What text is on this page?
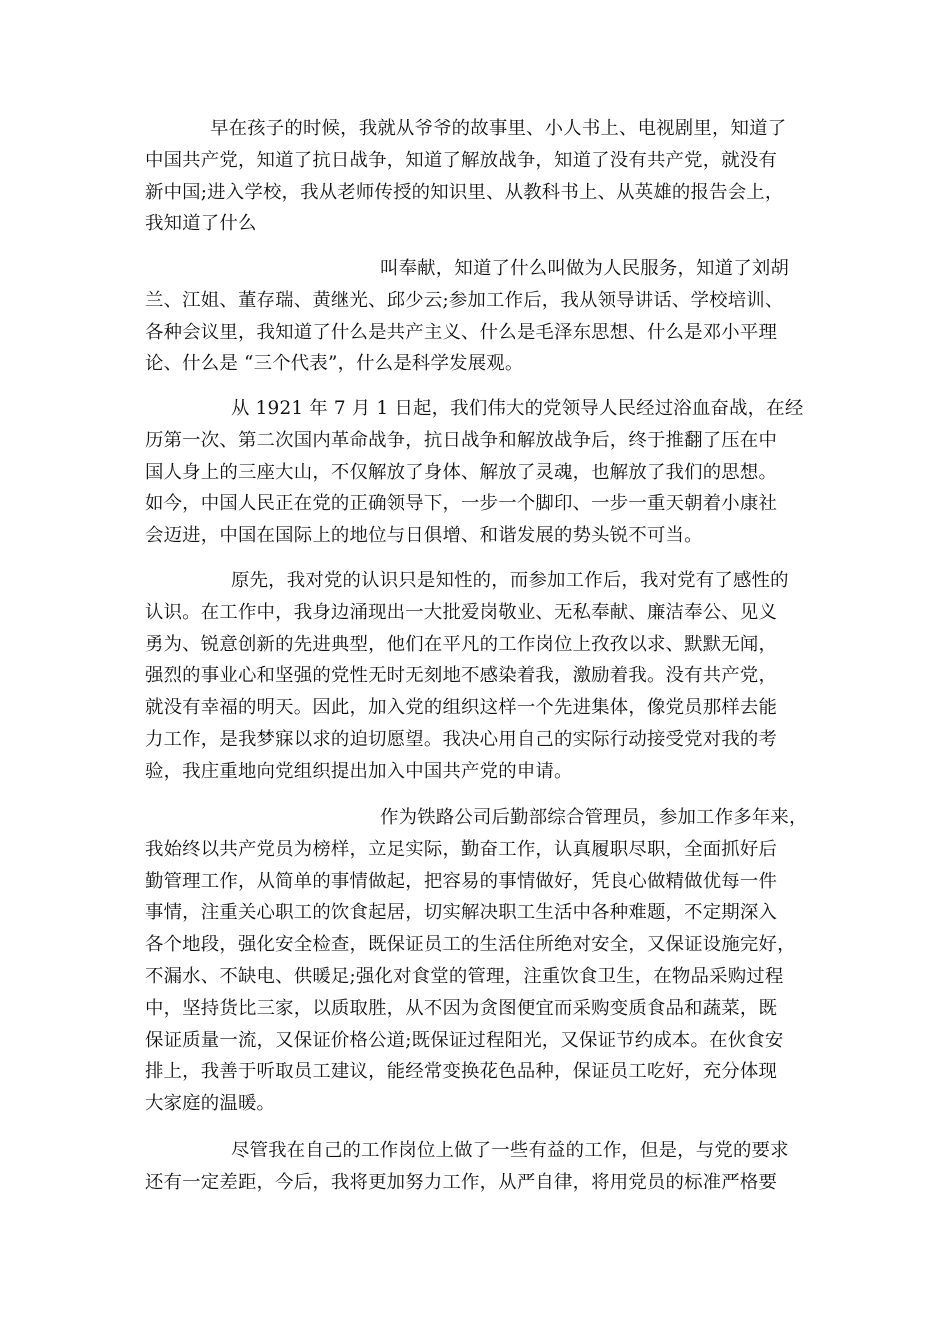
早在孩子的时候，我就从爷爷的故事里、小人书上、电视剧里，知道了
中国共产党，知道了抗日战争，知道了解放战争，知道了没有共产党，就没有
新中国;进入学校，我从老师传授的知识里、从教科书上、从英雄的报告会上，
我知道了什么
叫奉献，知道了什么叫做为人民服务，知道了刘胡
兰、江姐、董存瑞、黄继光、邱少云;参加工作后，我从领导讲话、学校培训、
各种会议里，我知道了什么是共产主义、什么是毛泽东思想、什么是邓小平理
论、什么是 “三个代表”，什么是科学发展观。
从 1921 年 7 月 1 日起，我们伟大的党领导人民经过浴血奋战，在经
历第一次、第二次国内革命战争，抗日战争和解放战争后，终于推翻了压在中
国人身上的三座大山，不仅解放了身体、解放了灵魂，也解放了我们的思想。
如今，中国人民正在党的正确领导下，一步一个脚印、一步一重天朝着小康社
会迈进，中国在国际上的地位与日俱增、和谐发展的势头锐不可当。
原先，我对党的认识只是知性的，而参加工作后，我对党有了感性的
认识。在工作中，我身边涌现出一大批爱岗敬业、无私奉献、廉洁奉公、见义
勇为、锐意创新的先进典型，他们在平凡的工作岗位上孜孜以求、默默无闻，
强烈的事业心和坚强的党性无时无刻地不感染着我，激励着我。没有共产党，
就没有幸福的明天。因此，加入党的组织这样一个先进集体，像党员那样去能
力工作，是我梦寐以求的迫切愿望。我决心用自己的实际行动接受党对我的考
验，我庄重地向党组织提出加入中国共产党的申请。
作为铁路公司后勤部综合管理员，参加工作多年来，
我始终以共产党员为榜样，立足实际，勤奋工作，认真履职尽职，全面抓好后
勤管理工作，从简单的事情做起，把容易的事情做好，凭良心做精做优每一件
事情，注重关心职工的饮食起居，切实解决职工生活中各种难题，不定期深入
各个地段，强化安全检查，既保证员工的生活住所绝对安全，又保证设施完好，
不漏水、不缺电、供暖足;强化对食堂的管理，注重饮食卫生，在物品采购过程
中，坚持货比三家，以质取胜，从不因为贪图便宜而采购变质食品和蔬菜，既
保证质量一流，又保证价格公道;既保证过程阳光，又保证节约成本。在伙食安
排上，我善于听取员工建议，能经常变换花色品种，保证员工吃好，充分体现
大家庭的温暖。
尽管我在自己的工作岗位上做了一些有益的工作，但是，与党的要求
还有一定差距，今后，我将更加努力工作，从严自律，将用党员的标准严格要
